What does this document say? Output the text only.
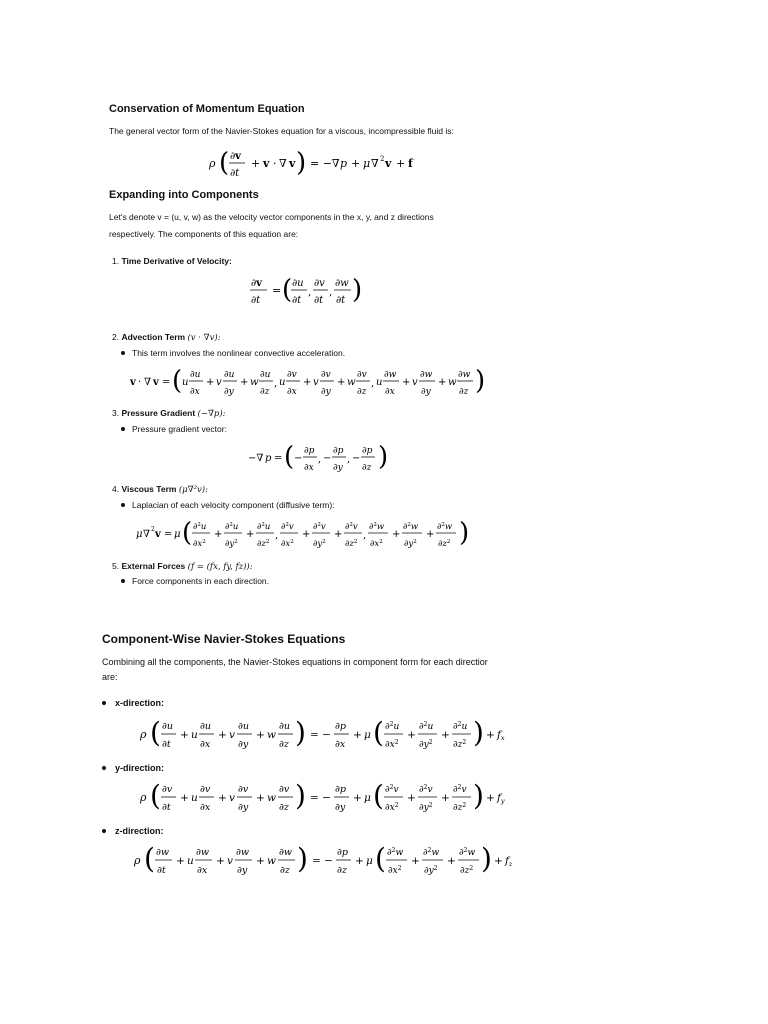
Conservation of Momentum Equation
The general vector form of the Navier-Stokes equation for a viscous, incompressible fluid is:
ρ ( ∂v
∂t
+ v · ∇ v ) = −∇ p + μ ∇ 2 v + f
Expanding into Components
Let's denote v = (u, v, w) as the velocity vector components in the x, y, and z directions
respectively. The components of this equation are:
1. Time Derivative of Velocity:
∂v
∂t
= ( ∂u
∂t
,
∂v
∂t
,
∂w
∂t )
2. Advection Term (v · ∇v):
This term involves the nonlinear convective acceleration.
v · ∇ v = ( u
∂u
∂x
+ v
∂u
∂y
+ w
∂u
∂z
, u
∂v
∂x
+ v
∂v
∂y
+ w
∂v
∂z
, u
∂w
∂x
+ v
∂w
∂y
+ w
∂w
∂z )
3. Pressure Gradient (−∇p):
Pressure gradient vector:
−∇ p = ( −
∂p
∂x
, −
∂p
∂y
, −
∂p
∂z )
4. Viscous Term (μ∇²v):
Laplacian of each velocity component (diffusive term):
μ ∇ 2 v = μ ( ∂$^2$u
$\partial x^2$
+
∂$^2$u
$\partial y^2$
+
∂$^2$u
$\partial z^2$
,
∂$^2$v
$\partial x^2$
+
∂$^2$v
$\partial y^2$
+
∂$^2$v
$\partial z^2$
,
∂$^2$w
$\partial x^2$
+
∂$^2$w
$\partial y^2$
+
∂$^2$w
$\partial z^2$ )
5. External Forces (f = (fx, fy, fz)):
Force components in each direction.
Component-Wise Navier-Stokes Equations
Combining all the components, the Navier-Stokes equations in component form for each directior
are:
x-direction:
ρ ( ∂u
∂t
+ u
∂u
∂x
+ v
∂u
∂y
+ w
∂u
∂z ) = −
∂p
∂x
+ μ ( ∂$^2$u
$\partial x^2$
+
∂$^2$u
$\partial y^2$
+
∂$^2$u
$\partial z^2$ ) + fx
y-direction:
ρ ( ∂v
∂t
+ u
∂v
∂x
+ v
∂v
∂y
+ w
∂v
∂z ) = −
∂p
∂y
+ μ ( ∂$^2$v
$\partial x^2$
+
∂$^2$v
$\partial y^2$
+
∂$^2$v
$\partial z^2$ ) + fy
z-direction:
ρ ( ∂w
∂t
+ u
∂w
∂x
+ v
∂w
∂y
+ w
∂w
∂z ) = −
∂p
∂z
+ μ ( ∂$^2$w
$\partial x^2$
+
∂$^2$w
$\partial y^2$
+
∂$^2$w
$\partial z^2$ ) + fz
